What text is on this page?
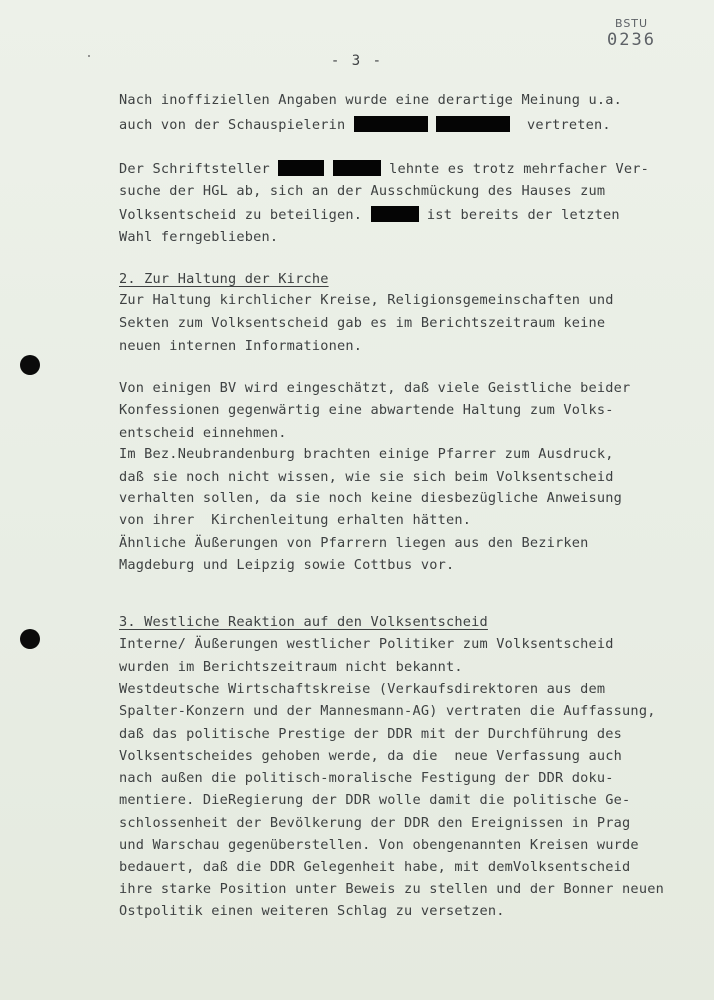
BSTU
0236
- 3 -
Nach inoffiziellen Angaben wurde eine derartige Meinung u.a.
auch von der Schauspielerin	vertreten.
Der Schriftsteller	lehnte es trotz mehrfacher Ver-
suche der HGL ab, sich an der Ausschmückung des Hauses zum
Volksentscheid zu beteiligen.	ist bereits der letzten
Wahl ferngeblieben.
2. Zur Haltung der Kirche
Zur Haltung kirchlicher Kreise, Religionsgemeinschaften und
Sekten zum Volksentscheid gab es im Berichtszeitraum keine
neuen internen Informationen.
Von einigen BV wird eingeschätzt, daß viele Geistliche beider
Konfessionen gegenwärtig eine abwartende Haltung zum Volks-
entscheid einnehmen.
Im Bez.Neubrandenburg brachten einige Pfarrer zum Ausdruck,
daß sie noch nicht wissen, wie sie sich beim Volksentscheid
verhalten sollen, da sie noch keine diesbezügliche Anweisung
von ihrer  Kirchenleitung erhalten hätten.
Ähnliche Äußerungen von Pfarrern liegen aus den Bezirken
Magdeburg und Leipzig sowie Cottbus vor.
3. Westliche Reaktion auf den Volksentscheid
Interne/ Äußerungen westlicher Politiker zum Volksentscheid
wurden im Berichtszeitraum nicht bekannt.
Westdeutsche Wirtschaftskreise (Verkaufsdirektoren aus dem
Spalter-Konzern und der Mannesmann-AG) vertraten die Auffassung,
daß das politische Prestige der DDR mit der Durchführung des
Volksentscheides gehoben werde, da die  neue Verfassung auch
nach außen die politisch-moralische Festigung der DDR doku-
mentiere. DieRegierung der DDR wolle damit die politische Ge-
schlossenheit der Bevölkerung der DDR den Ereignissen in Prag
und Warschau gegenüberstellen. Von obengenannten Kreisen wurde
bedauert, daß die DDR Gelegenheit habe, mit demVolksentscheid
ihre starke Position unter Beweis zu stellen und der Bonner neuen
Ostpolitik einen weiteren Schlag zu versetzen.
